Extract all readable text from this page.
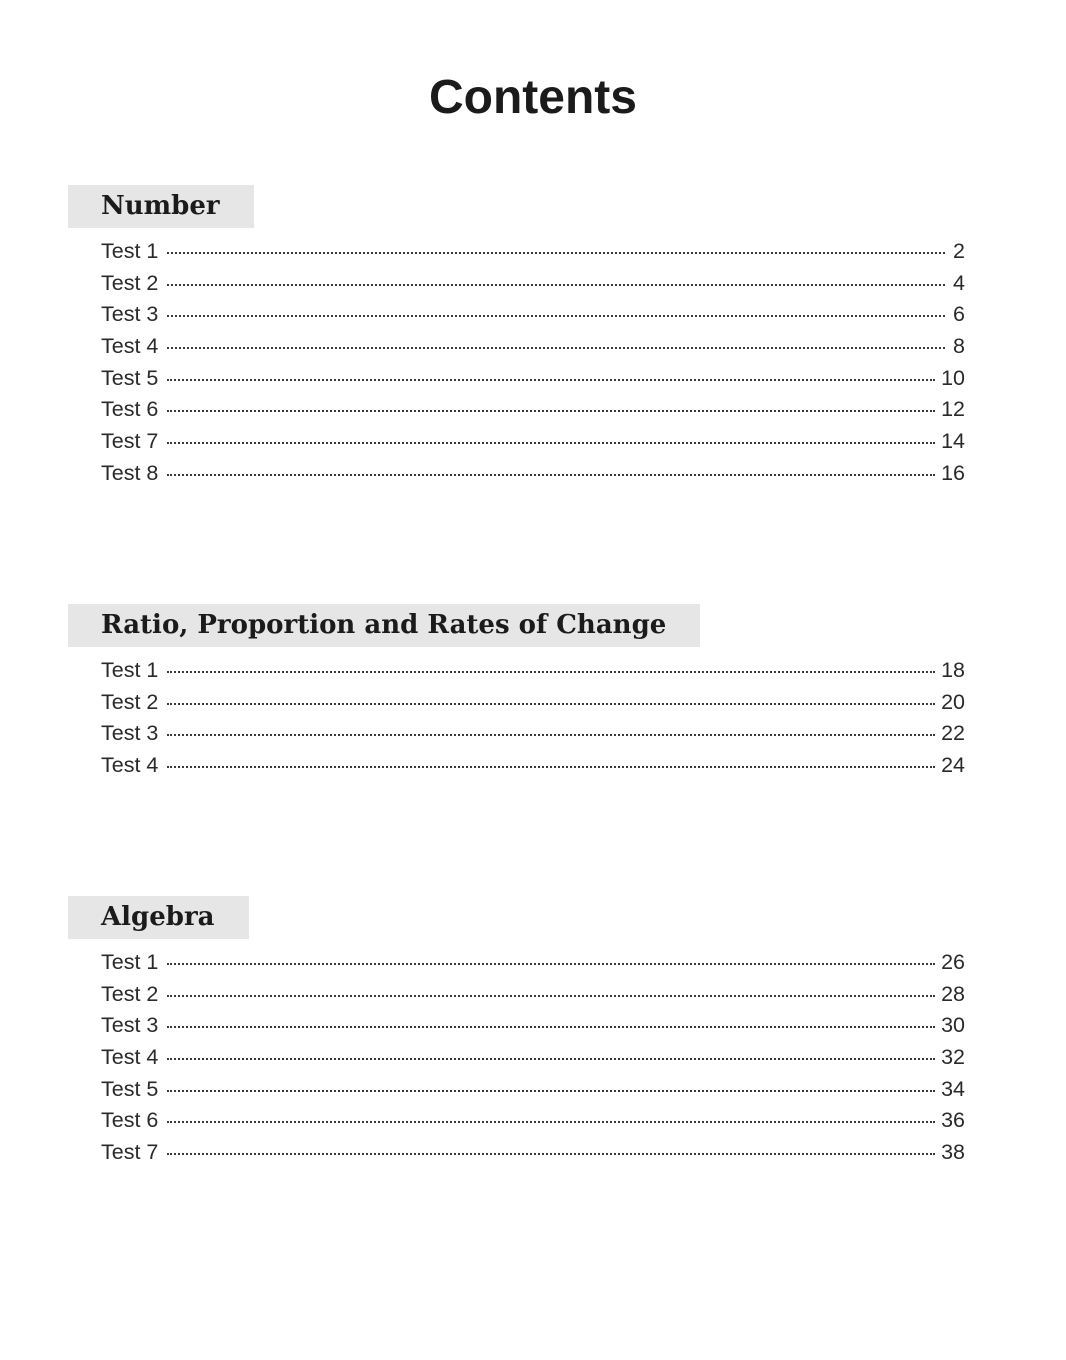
Contents
Number
Test 1	2
Test 2	4
Test 3	6
Test 4	8
Test 5	10
Test 6	12
Test 7	14
Test 8	16
Ratio, Proportion and Rates of Change
Test 1	18
Test 2	20
Test 3	22
Test 4	24
Algebra
Test 1	26
Test 2	28
Test 3	30
Test 4	32
Test 5	34
Test 6	36
Test 7	38
